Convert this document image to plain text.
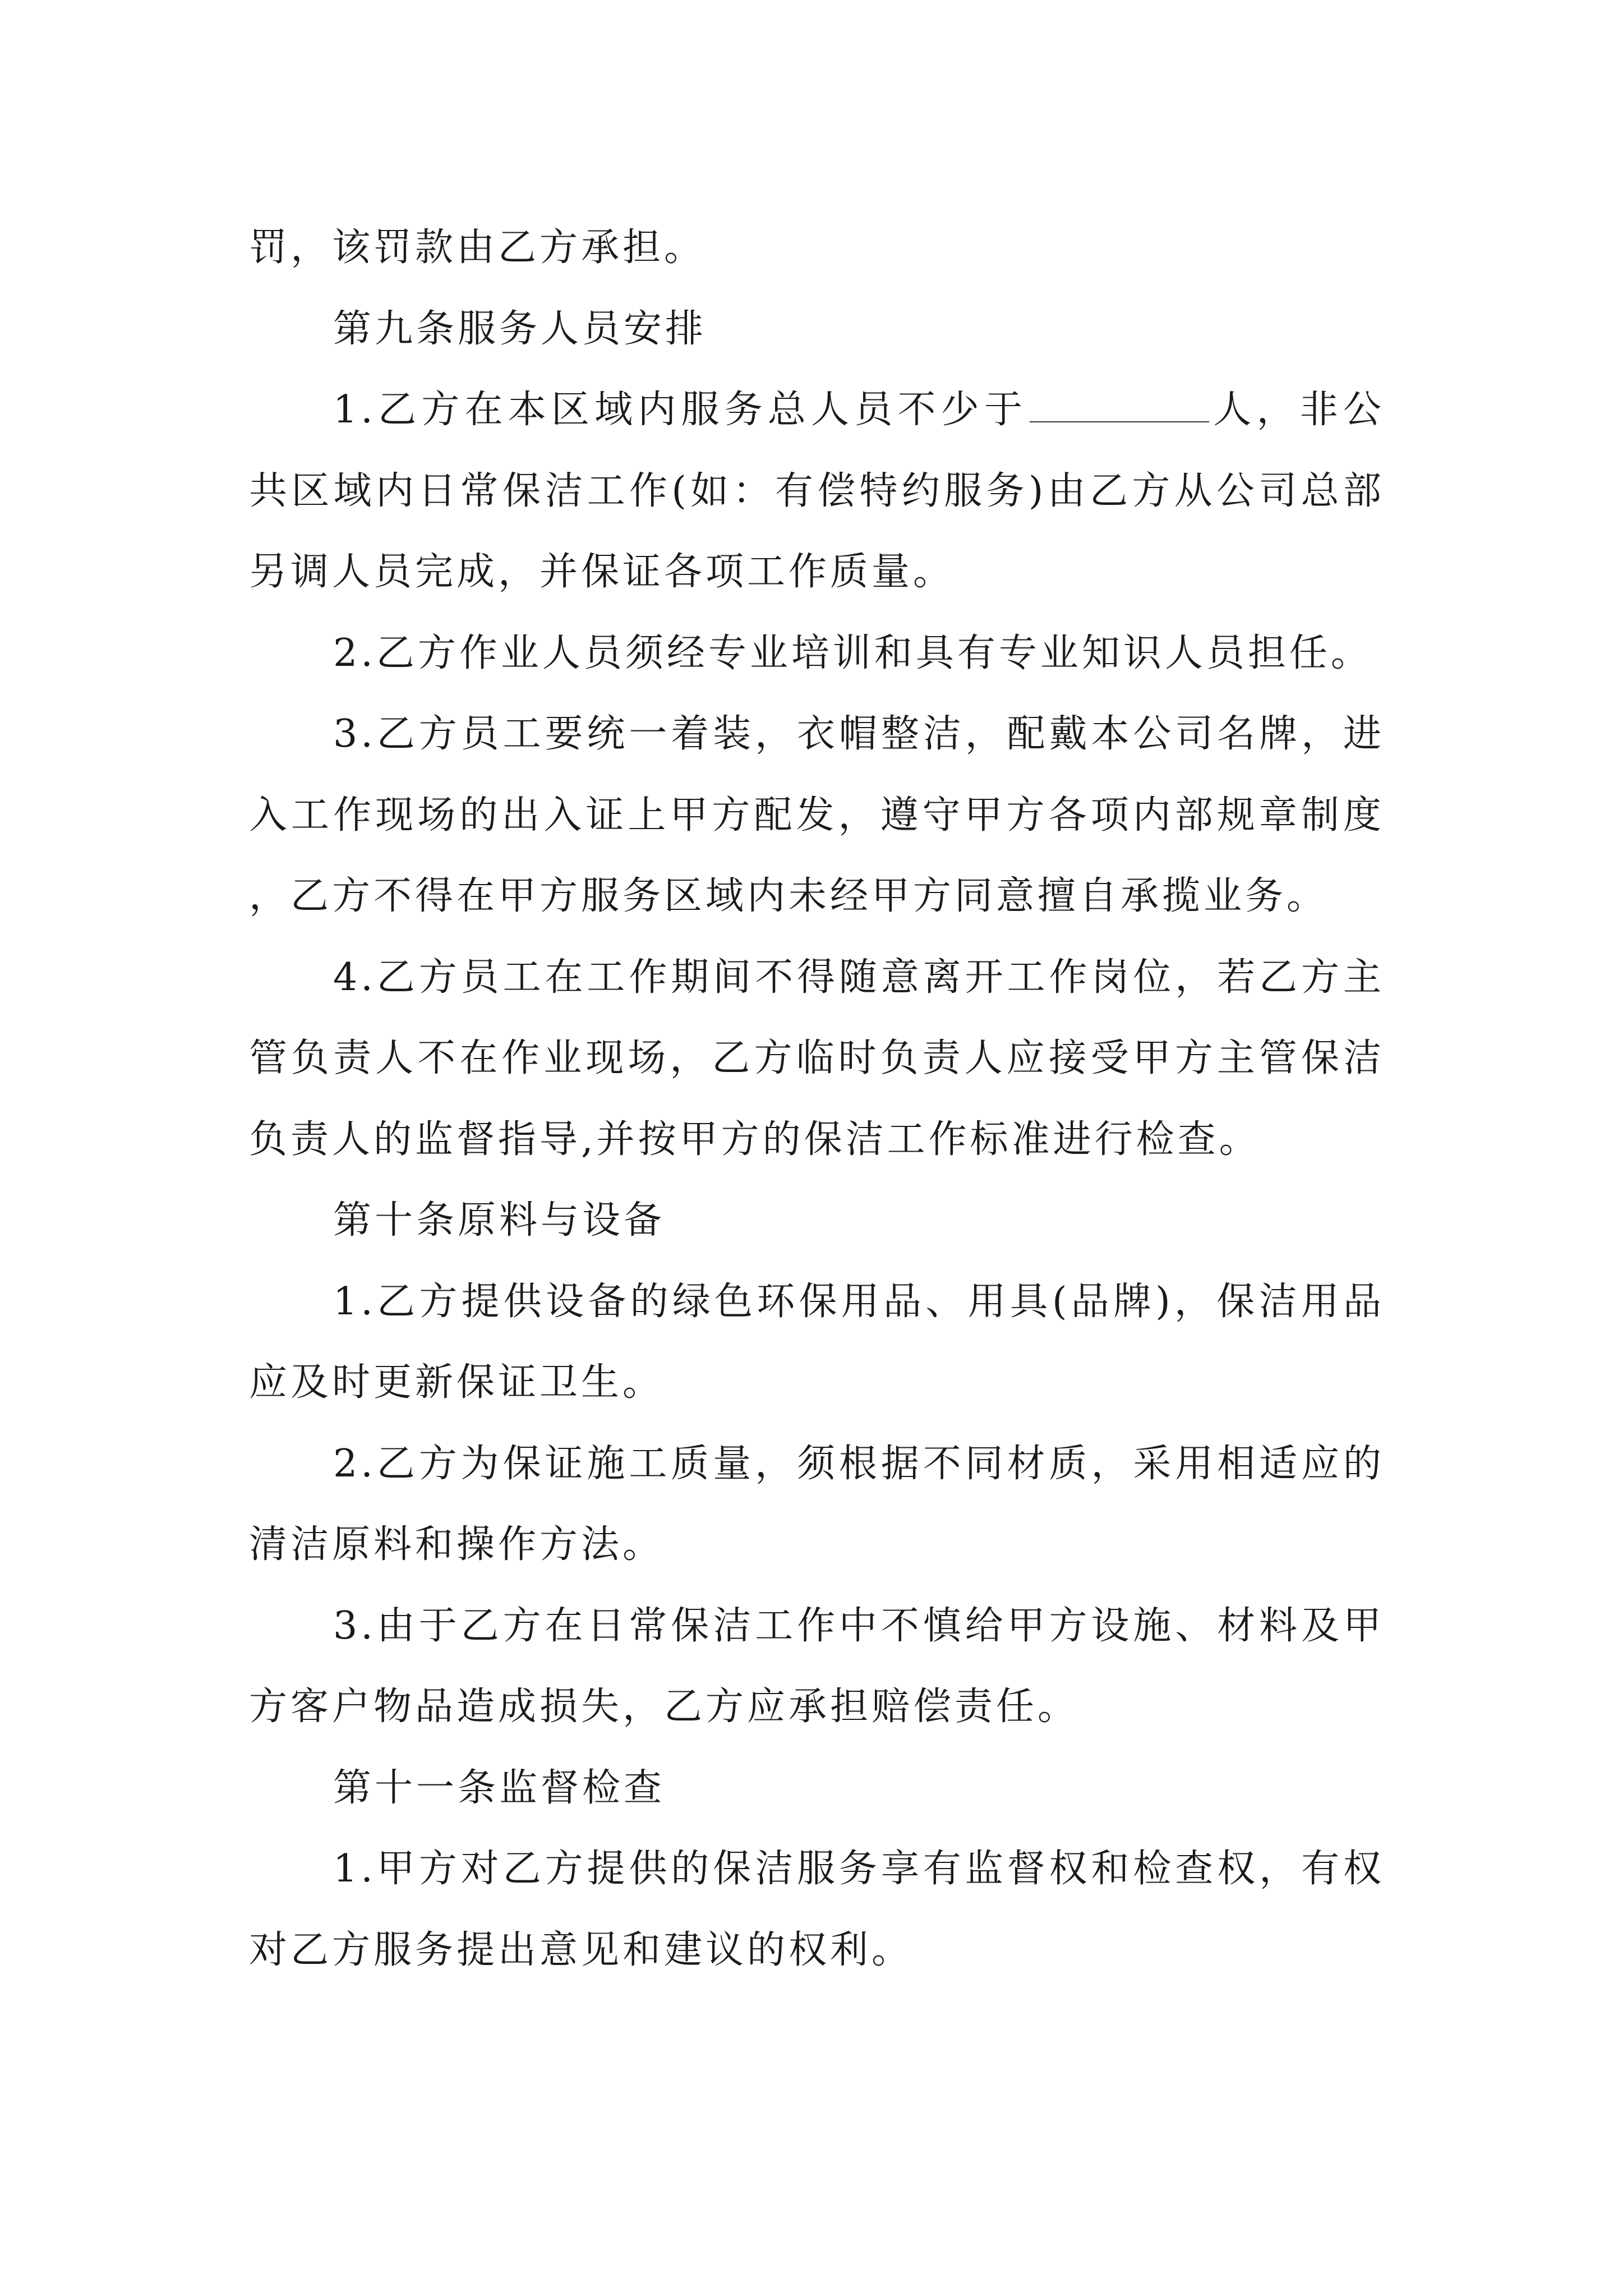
罚，该罚款由乙方承担。

第九条服务人员安排

1.乙方在本区域内服务总人员不少于	人，非公共区域内日常保洁工作(如：有偿特约服务)由乙方从公司总部另调人员完成，并保证各项工作质量。

2.乙方作业人员须经专业培训和具有专业知识人员担任。

3.乙方员工要统一着装，衣帽整洁，配戴本公司名牌，进入工作现场的出入证上甲方配发，遵守甲方各项内部规章制度，乙方不得在甲方服务区域内未经甲方同意擅自承揽业务。

4.乙方员工在工作期间不得随意离开工作岗位，若乙方主管负责人不在作业现场，乙方临时负责人应接受甲方主管保洁负责人的监督指导,并按甲方的保洁工作标准进行检查。

第十条原料与设备

1.乙方提供设备的绿色环保用品、用具(品牌)，保洁用品应及时更新保证卫生。

2.乙方为保证施工质量，须根据不同材质，采用相适应的清洁原料和操作方法。

3.由于乙方在日常保洁工作中不慎给甲方设施、材料及甲方客户物品造成损失，乙方应承担赔偿责任。

第十一条监督检查

1.甲方对乙方提供的保洁服务享有监督权和检查权，有权对乙方服务提出意见和建议的权利。
